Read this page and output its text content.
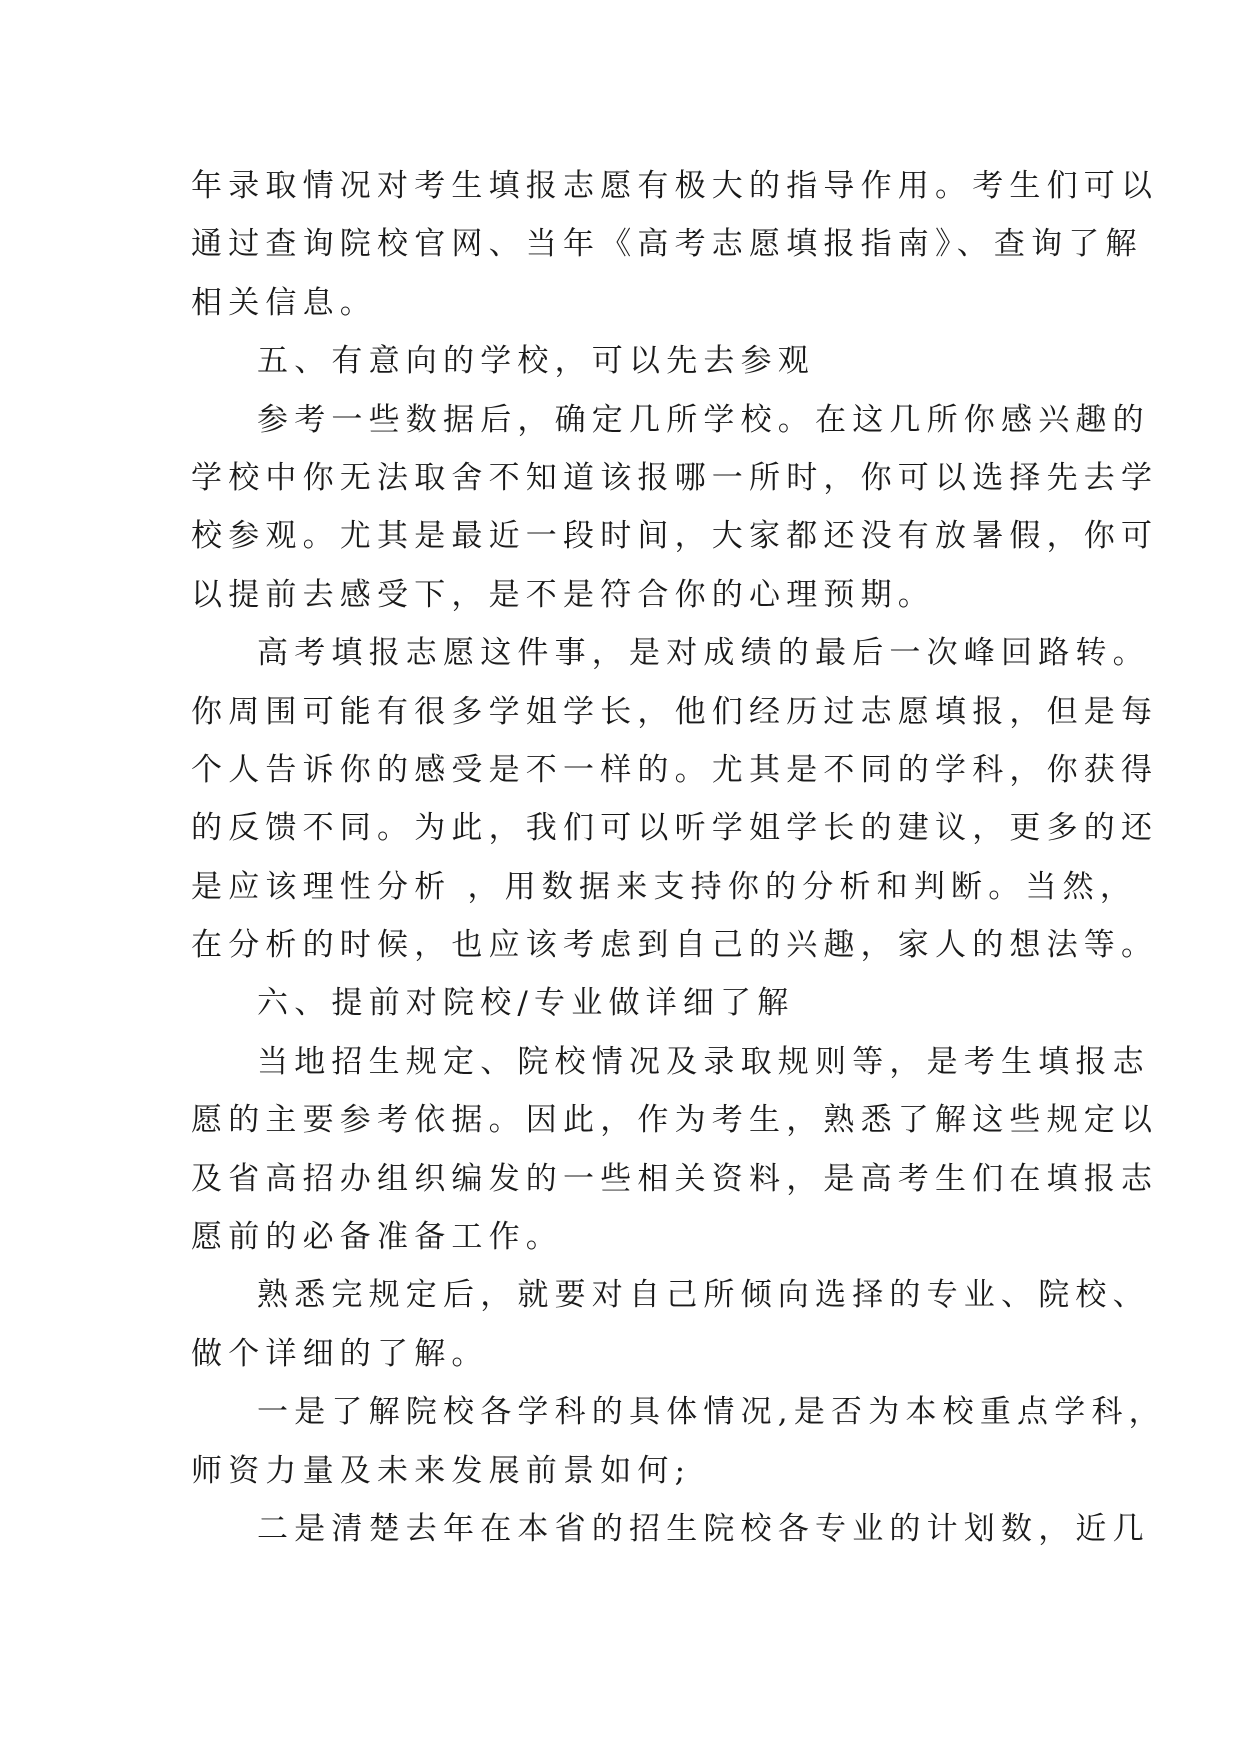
年录取情况对考生填报志愿有极大的指导作用。考生们可以
通过查询院校官网、当年《高考志愿填报指南》、查询了解
相关信息。
五、有意向的学校，可以先去参观
参考一些数据后，确定几所学校。在这几所你感兴趣的
学校中你无法取舍不知道该报哪一所时，你可以选择先去学
校参观。尤其是最近一段时间，大家都还没有放暑假，你可
以提前去感受下，是不是符合你的心理预期。
高考填报志愿这件事，是对成绩的最后一次峰回路转。
你周围可能有很多学姐学长，他们经历过志愿填报，但是每
个人告诉你的感受是不一样的。尤其是不同的学科，你获得
的反馈不同。为此，我们可以听学姐学长的建议，更多的还
是应该理性分析 ，用数据来支持你的分析和判断。当然，
在分析的时候，也应该考虑到自己的兴趣，家人的想法等。
六、提前对院校/专业做详细了解
当地招生规定、院校情况及录取规则等，是考生填报志
愿的主要参考依据。因此，作为考生，熟悉了解这些规定以
及省高招办组织编发的一些相关资料，是高考生们在填报志
愿前的必备准备工作。
熟悉完规定后，就要对自己所倾向选择的专业、院校、
做个详细的了解。
一是了解院校各学科的具体情况,是否为本校重点学科，
师资力量及未来发展前景如何;
二是清楚去年在本省的招生院校各专业的计划数，近几
